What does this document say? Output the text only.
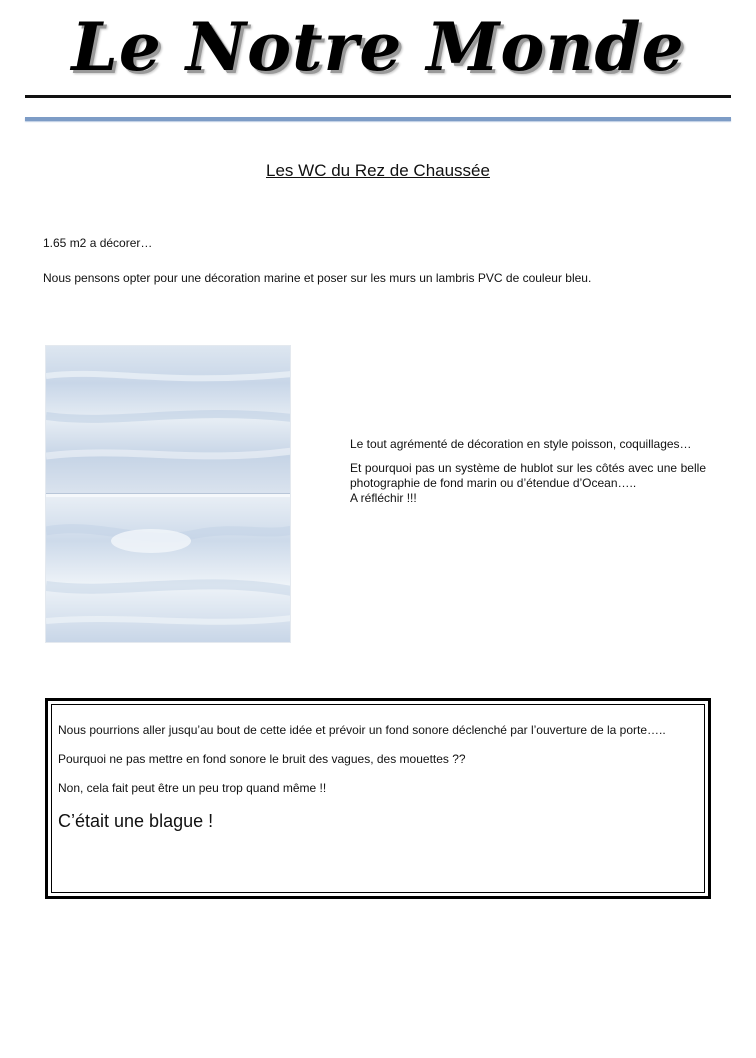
Le Notre Monde
Les WC du Rez de Chaussée

1.65 m2 a décorer…

Nous pensons opter pour une décoration marine et poser sur les murs un lambris PVC de couleur bleu.

Le tout agrémenté de décoration en style poisson, coquillages…

Et pourquoi pas un système de hublot sur les côtés avec une belle photographie de fond marin ou d’étendue d’Ocean…..

A réfléchir !!!

Nous pourrions aller jusqu’au bout de cette idée et prévoir un fond sonore déclenché par l’ouverture de la porte…..

Pourquoi ne pas mettre en fond sonore le bruit des vagues, des mouettes ??

Non, cela fait peut être un peu trop quand même !!

C’était une blague !
